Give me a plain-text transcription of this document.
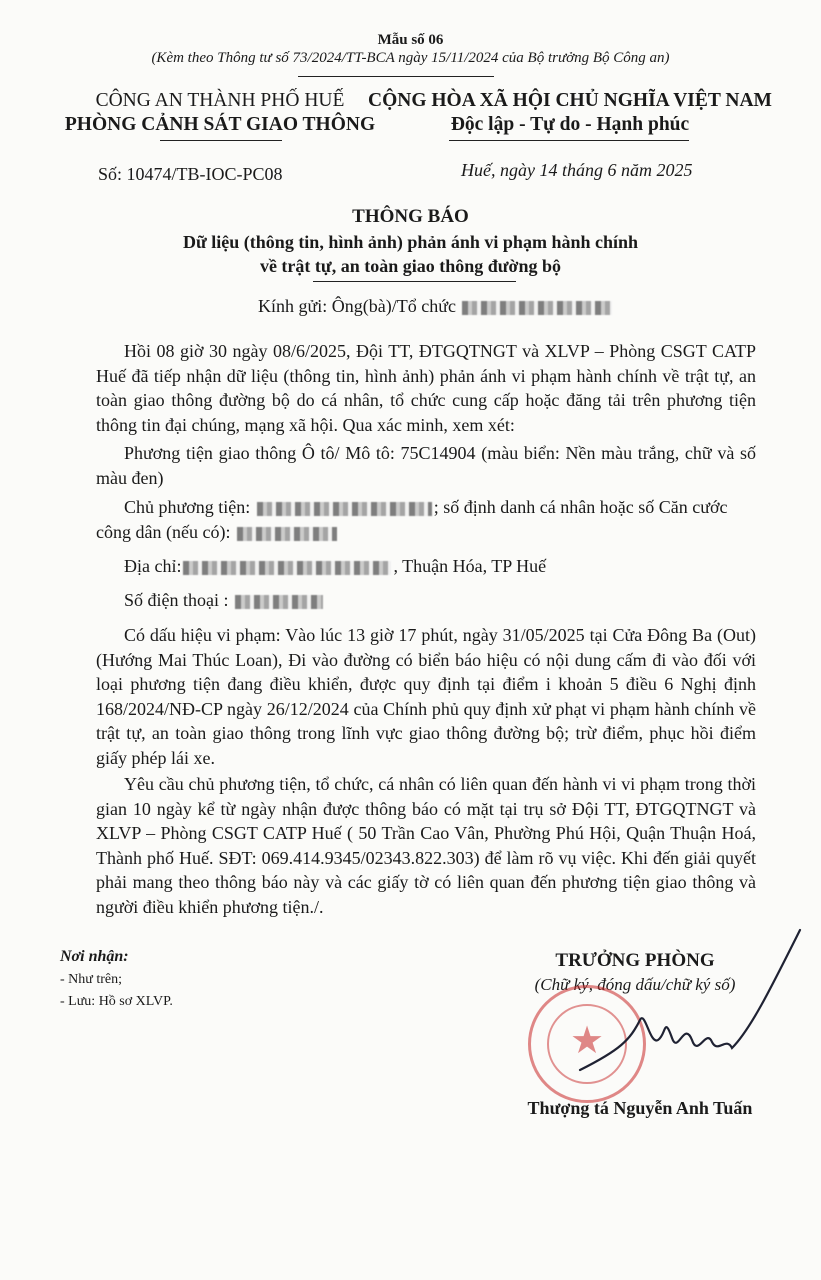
Mẫu số 06
(Kèm theo Thông tư số 73/2024/TT-BCA ngày 15/11/2024 của Bộ trưởng Bộ Công an)
CÔNG AN THÀNH PHỐ HUẾ
PHÒNG CẢNH SÁT GIAO THÔNG
CỘNG HÒA XÃ HỘI CHỦ NGHĨA VIỆT NAM
Độc lập - Tự do - Hạnh phúc
Số: 10474/TB-IOC-PC08	Huế, ngày 14 tháng 6 năm 2025
THÔNG BÁO
Dữ liệu (thông tin, hình ảnh) phản ánh vi phạm hành chính
về trật tự, an toàn giao thông đường bộ
Kính gửi: Ông(bà)/Tổ chức
Hồi 08 giờ 30 ngày 08/6/2025, Đội TT, ĐTGQTNGT và XLVP – Phòng CSGT CATP Huế đã tiếp nhận dữ liệu (thông tin, hình ảnh) phản ánh vi phạm hành chính về trật tự, an toàn giao thông đường bộ do cá nhân, tổ chức cung cấp hoặc đăng tải trên phương tiện thông tin đại chúng, mạng xã hội. Qua xác minh, xem xét:
Phương tiện giao thông Ô tô/ Mô tô: 75C14904 (màu biển: Nền màu trắng, chữ và số màu đen)
Chủ phương tiện:	; số định danh cá nhân hoặc số Căn cước
công dân (nếu có):
Địa chỉ:	, Thuận Hóa, TP Huế
Số điện thoại :
Có dấu hiệu vi phạm: Vào lúc 13 giờ 17 phút, ngày 31/05/2025 tại Cửa Đông Ba (Out) (Hướng Mai Thúc Loan), Đi vào đường có biển báo hiệu có nội dung cấm đi vào đối với loại phương tiện đang điều khiển, được quy định tại điểm i khoản 5 điều 6 Nghị định 168/2024/NĐ-CP ngày 26/12/2024 của Chính phủ quy định xử phạt vi phạm hành chính về trật tự, an toàn giao thông trong lĩnh vực giao thông đường bộ; trừ điểm, phục hồi điểm giấy phép lái xe.
Yêu cầu chủ phương tiện, tổ chức, cá nhân có liên quan đến hành vi vi phạm trong thời gian 10 ngày kể từ ngày nhận được thông báo có mặt tại trụ sở Đội TT, ĐTGQTNGT và XLVP – Phòng CSGT CATP Huế ( 50 Trần Cao Vân, Phường Phú Hội, Quận Thuận Hoá, Thành phố Huế. SĐT: 069.414.9345/02343.822.303) để làm rõ vụ việc. Khi đến giải quyết phải mang theo thông báo này và các giấy tờ có liên quan đến phương tiện giao thông và người điều khiển phương tiện./.
Nơi nhận:
- Như trên;
- Lưu: Hồ sơ XLVP.
TRƯỞNG PHÒNG
(Chữ ký, đóng dấu/chữ ký số)
★
Thượng tá Nguyễn Anh Tuấn
